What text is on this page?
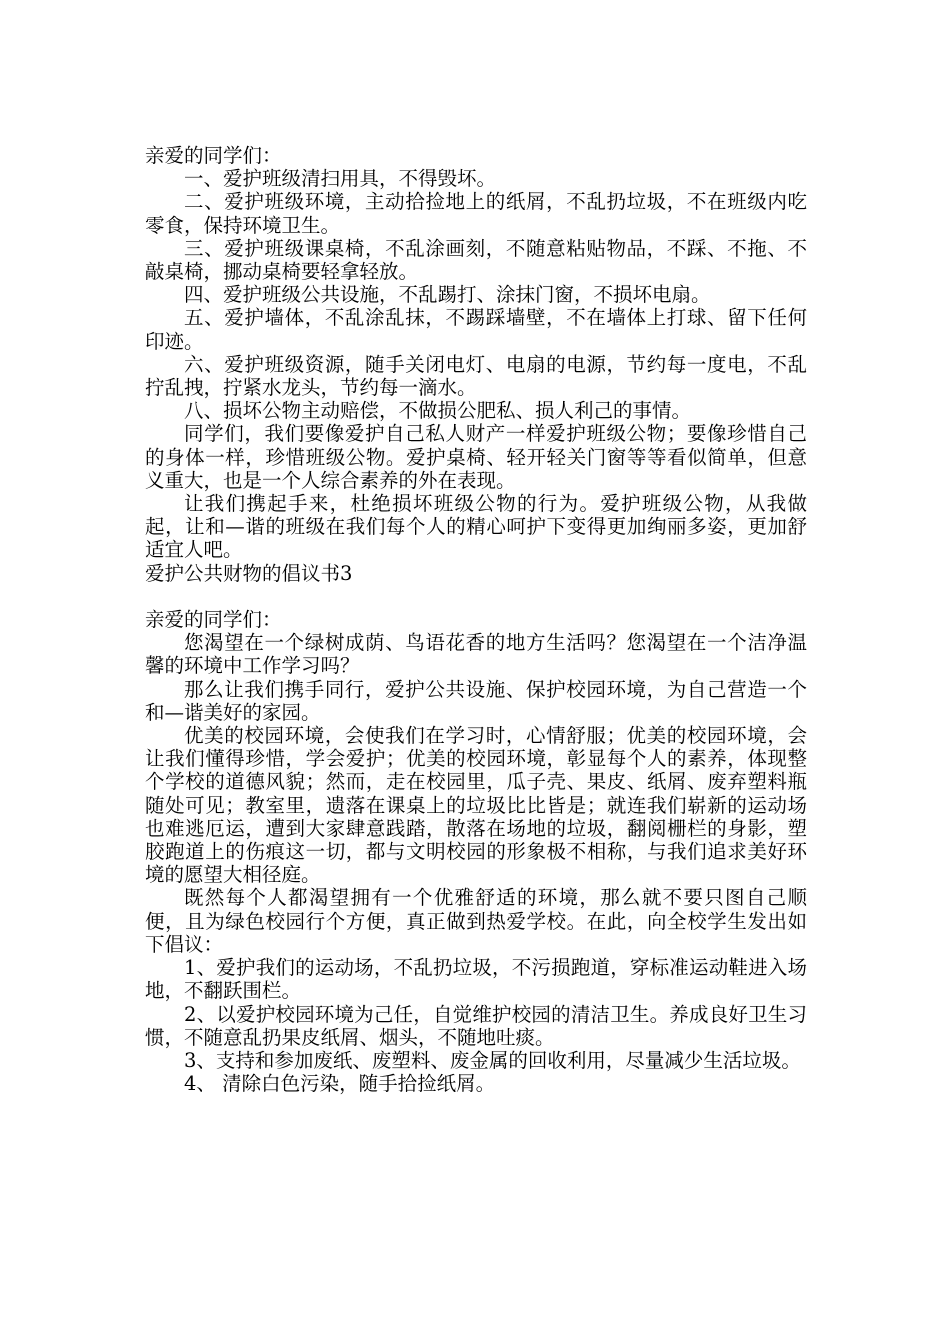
亲爱的同学们：

一、爱护班级清扫用具，不得毁坏。

二、爱护班级环境，主动拾捡地上的纸屑，不乱扔垃圾，不在班级内吃零食，保持环境卫生。

三、爱护班级课桌椅，不乱涂画刻，不随意粘贴物品，不踩、不拖、不敲桌椅，挪动桌椅要轻拿轻放。

四、爱护班级公共设施，不乱踢打、涂抹门窗，不损坏电扇。

五、爱护墙体，不乱涂乱抹，不踢踩墙壁，不在墙体上打球、留下任何印迹。

六、爱护班级资源，随手关闭电灯、电扇的电源，节约每一度电，不乱拧乱拽，拧紧水龙头，节约每一滴水。

八、损坏公物主动赔偿，不做损公肥私、损人利己的事情。

同学们，我们要像爱护自己私人财产一样爱护班级公物；要像珍惜自己的身体一样，珍惜班级公物。爱护桌椅、轻开轻关门窗等等看似简单，但意义重大，也是一个人综合素养的外在表现。

让我们携起手来，杜绝损坏班级公物的行为。爱护班级公物，从我做起，让和—谐的班级在我们每个人的精心呵护下变得更加绚丽多姿，更加舒适宜人吧。

爱护公共财物的倡议书3

亲爱的同学们：

您渴望在一个绿树成荫、鸟语花香的地方生活吗？您渴望在一个洁净温馨的环境中工作学习吗？

那么让我们携手同行，爱护公共设施、保护校园环境，为自己营造一个和—谐美好的家园。

优美的校园环境，会使我们在学习时，心情舒服；优美的校园环境，会让我们懂得珍惜，学会爱护；优美的校园环境，彰显每个人的素养，体现整个学校的道德风貌；然而，走在校园里，瓜子壳、果皮、纸屑、废弃塑料瓶随处可见；教室里，遗落在课桌上的垃圾比比皆是；就连我们崭新的运动场也难逃厄运，遭到大家肆意践踏，散落在场地的垃圾，翻阅栅栏的身影，塑胶跑道上的伤痕这一切，都与文明校园的形象极不相称，与我们追求美好环境的愿望大相径庭。

既然每个人都渴望拥有一个优雅舒适的环境，那么就不要只图自己顺便，且为绿色校园行个方便，真正做到热爱学校。在此，向全校学生发出如下倡议：

1、爱护我们的运动场，不乱扔垃圾，不污损跑道，穿标准运动鞋进入场地，不翻跃围栏。

2、以爱护校园环境为己任，自觉维护校园的清洁卫生。养成良好卫生习惯，不随意乱扔果皮纸屑、烟头，不随地吐痰。

3、支持和参加废纸、废塑料、废金属的回收利用，尽量减少生活垃圾。

4、 清除白色污染，随手拾捡纸屑。
